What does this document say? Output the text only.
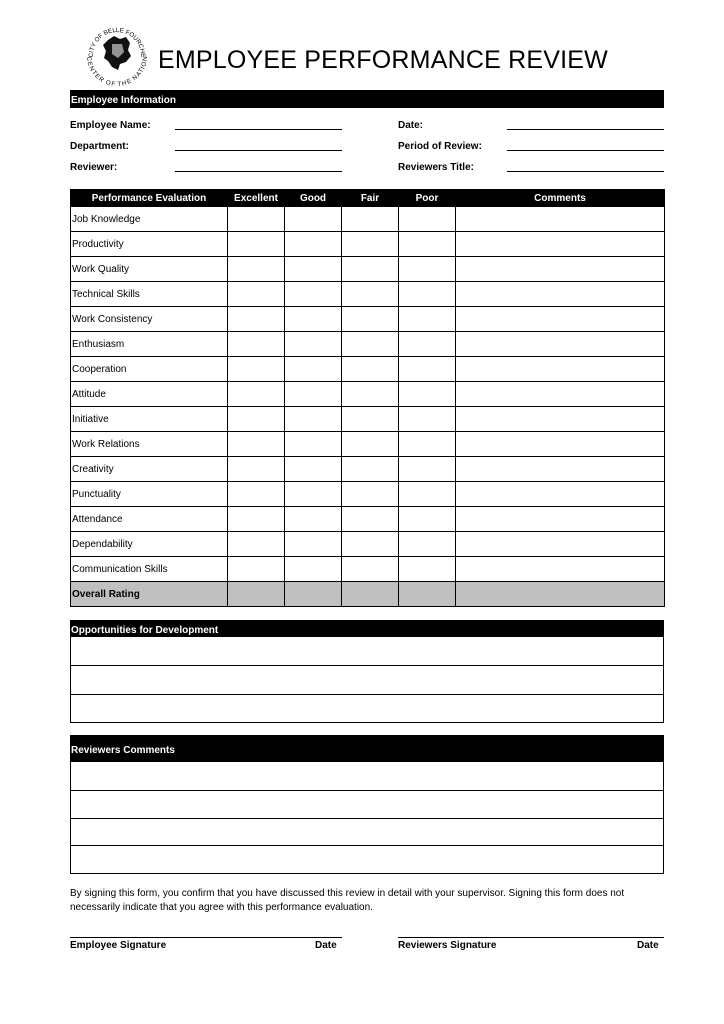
CITY OF BELLE FOURCHE
CENTER OF THE NATION EMPLOYEE PERFORMANCE REVIEW
Employee Information
Employee Name:
Department:
Reviewer:
Date:
Period of Review:
Reviewers Title:
Performance Evaluation	Excellent	Good	Fair	Poor	Comments
Job Knowledge					
Productivity					
Work Quality					
Technical Skills					
Work Consistency					
Enthusiasm					
Cooperation					
Attitude					
Initiative					
Work Relations					
Creativity					
Punctuality					
Attendance					
Dependability					
Communication Skills					
Overall Rating					
Opportunities for Development
Reviewers Comments
By signing this form, you confirm that you have discussed this review in detail with your supervisor. Signing this form does not necessarily indicate that you agree with this performance evaluation.
Employee Signature	Date	Reviewers Signature	Date
